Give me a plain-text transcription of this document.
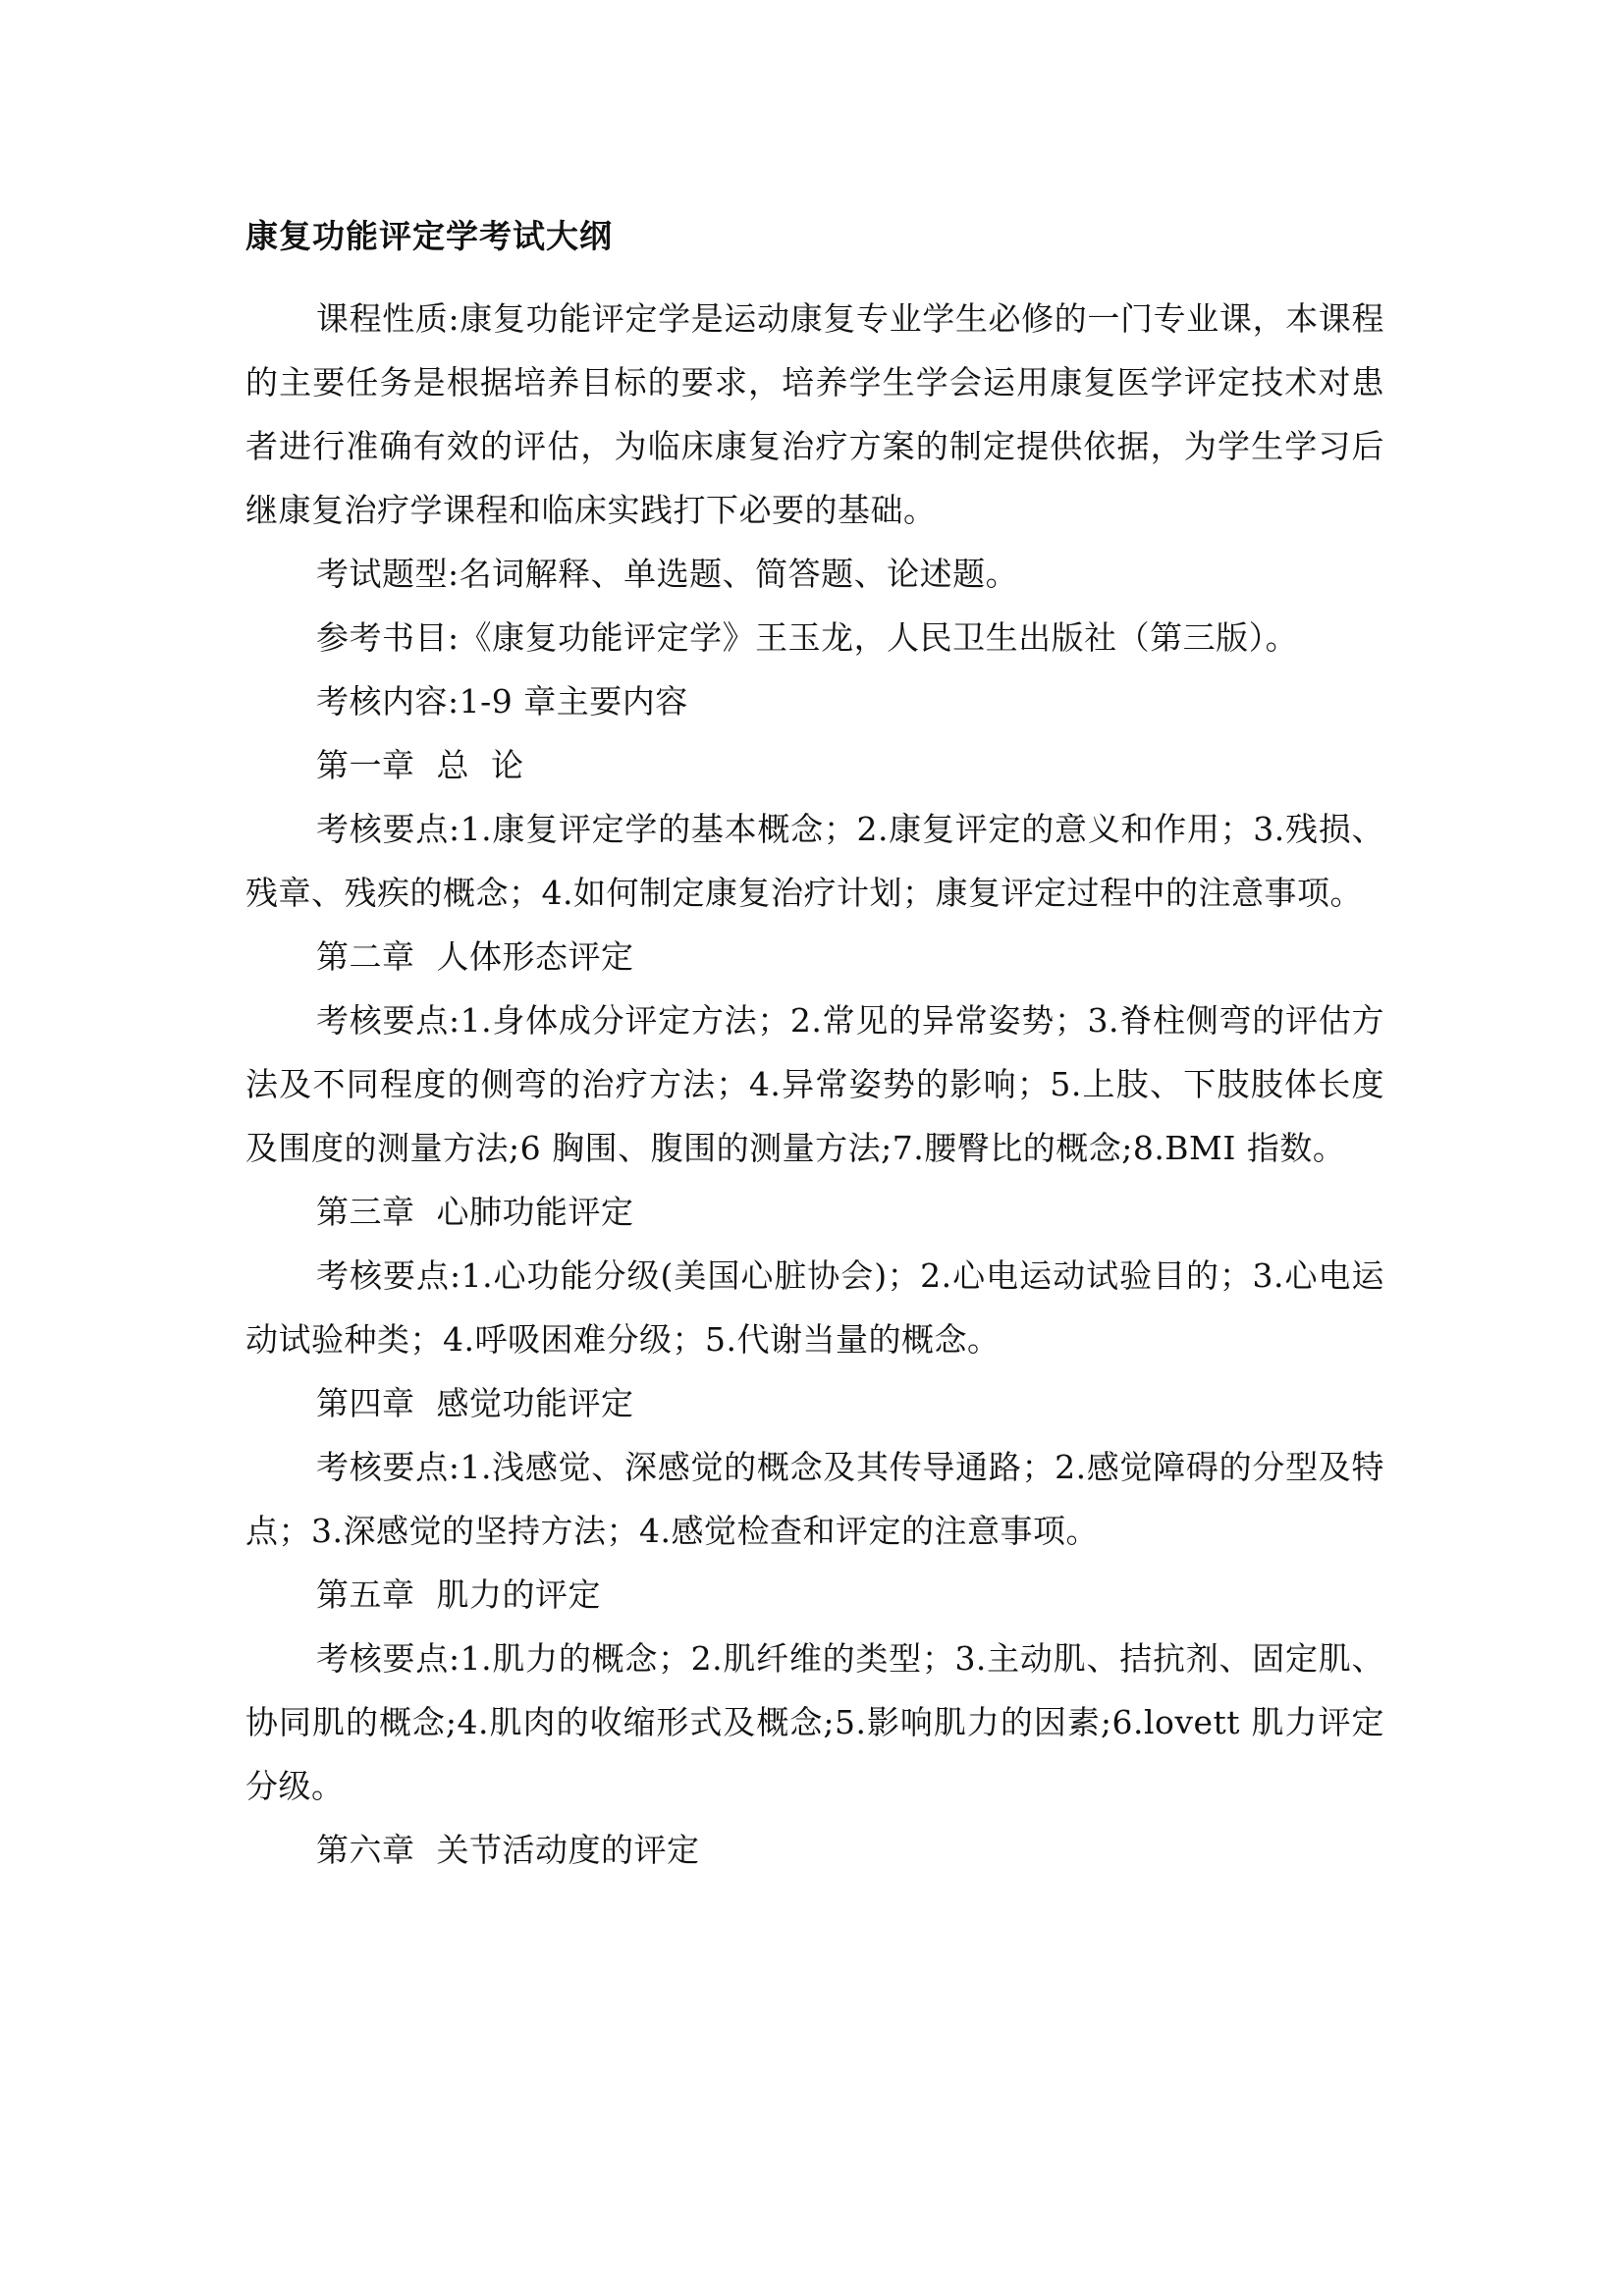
康复功能评定学考试大纲

课程性质:康复功能评定学是运动康复专业学生必修的一门专业课，本课程的主要任务是根据培养目标的要求，培养学生学会运用康复医学评定技术对患者进行准确有效的评估，为临床康复治疗方案的制定提供依据，为学生学习后继康复治疗学课程和临床实践打下必要的基础。

考试题型:名词解释、单选题、简答题、论述题。

参考书目:《康复功能评定学》王玉龙，人民卫生出版社（第三版）。

考核内容:1-9 章主要内容

第一章  总  论

考核要点:1.康复评定学的基本概念；2.康复评定的意义和作用；3.残损、残章、残疾的概念；4.如何制定康复治疗计划；康复评定过程中的注意事项。

第二章  人体形态评定

考核要点:1.身体成分评定方法；2.常见的异常姿势；3.脊柱侧弯的评估方法及不同程度的侧弯的治疗方法；4.异常姿势的影响；5.上肢、下肢肢体长度及围度的测量方法;6 胸围、腹围的测量方法;7.腰臀比的概念;8.BMI 指数。

第三章  心肺功能评定

考核要点:1.心功能分级(美国心脏协会)；2.心电运动试验目的；3.心电运动试验种类；4.呼吸困难分级；5.代谢当量的概念。

第四章  感觉功能评定

考核要点:1.浅感觉、深感觉的概念及其传导通路；2.感觉障碍的分型及特点；3.深感觉的坚持方法；4.感觉检查和评定的注意事项。

第五章  肌力的评定

考核要点:1.肌力的概念；2.肌纤维的类型；3.主动肌、拮抗剂、固定肌、协同肌的概念;4.肌肉的收缩形式及概念;5.影响肌力的因素;6.lovett 肌力评定分级。

第六章  关节活动度的评定
